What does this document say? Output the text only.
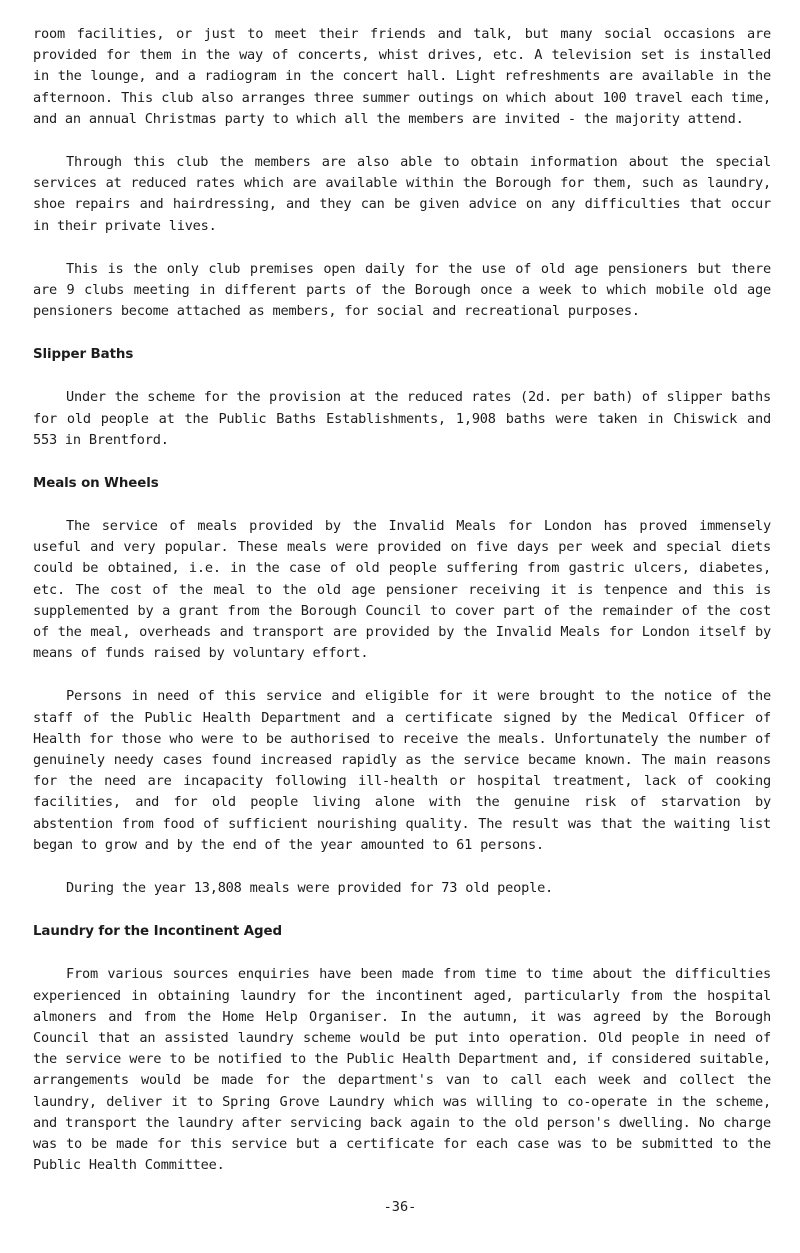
room facilities, or just to meet their friends and talk, but many social occasions are provided for them in the way of concerts, whist drives, etc. A television set is installed in the lounge, and a radiogram in the concert hall. Light refreshments are available in the afternoon. This club also arranges three summer outings on which about 100 travel each time, and an annual Christmas party to which all the members are invited - the majority attend.

Through this club the members are also able to obtain information about the special services at reduced rates which are available within the Borough for them, such as laundry, shoe repairs and hairdressing, and they can be given advice on any difficulties that occur in their private lives.

This is the only club premises open daily for the use of old age pensioners but there are 9 clubs meeting in different parts of the Borough once a week to which mobile old age pensioners become attached as members, for social and recreational purposes.

Slipper Baths

Under the scheme for the provision at the reduced rates (2d. per bath) of slipper baths for old people at the Public Baths Establishments, 1,908 baths were taken in Chiswick and 553 in Brentford.

Meals on Wheels

The service of meals provided by the Invalid Meals for London has proved immensely useful and very popular. These meals were provided on five days per week and special diets could be obtained, i.e. in the case of old people suffering from gastric ulcers, diabetes, etc. The cost of the meal to the old age pensioner receiving it is tenpence and this is supplemented by a grant from the Borough Council to cover part of the remainder of the cost of the meal, overheads and transport are provided by the Invalid Meals for London itself by means of funds raised by voluntary effort.

Persons in need of this service and eligible for it were brought to the notice of the staff of the Public Health Department and a certificate signed by the Medical Officer of Health for those who were to be authorised to receive the meals. Unfortunately the number of genuinely needy cases found increased rapidly as the service became known. The main reasons for the need are incapacity following ill-health or hospital treatment, lack of cooking facilities, and for old people living alone with the genuine risk of starvation by abstention from food of sufficient nourishing quality. The result was that the waiting list began to grow and by the end of the year amounted to 61 persons.

During the year 13,808 meals were provided for 73 old people.

Laundry for the Incontinent Aged

From various sources enquiries have been made from time to time about the difficulties experienced in obtaining laundry for the incontinent aged, particularly from the hospital almoners and from the Home Help Organiser. In the autumn, it was agreed by the Borough Council that an assisted laundry scheme would be put into operation. Old people in need of the service were to be notified to the Public Health Department and, if considered suitable, arrangements would be made for the department's van to call each week and collect the laundry, deliver it to Spring Grove Laundry which was willing to co-operate in the scheme, and transport the laundry after servicing back again to the old person's dwelling. No charge was to be made for this service but a certificate for each case was to be submitted to the Public Health Committee.

-36-
